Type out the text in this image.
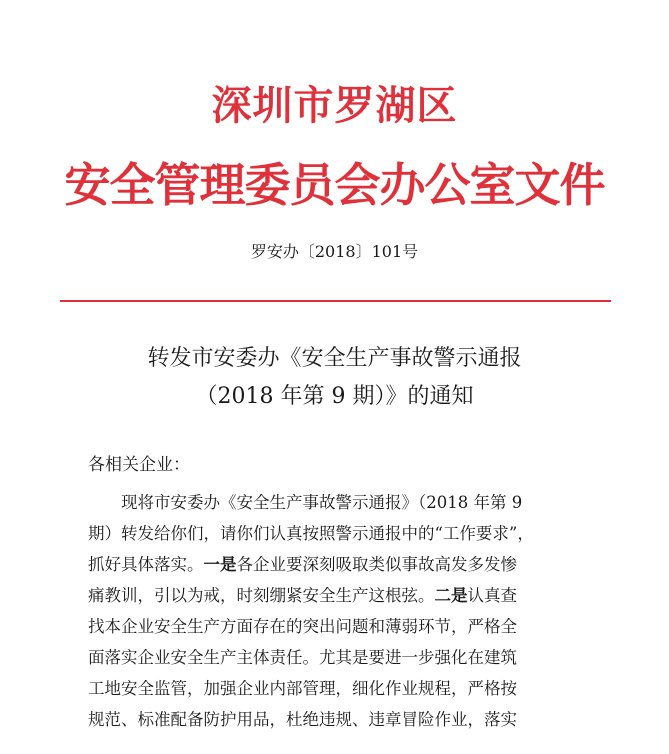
深圳市罗湖区
安全管理委员会办公室文件
罗安办〔2018〕101号
转发市安委办《安全生产事故警示通报
（2018 年第 9 期）》的通知
各相关企业：
现将市安委办《安全生产事故警示通报》（2018 年第 9
期）转发给你们，请你们认真按照警示通报中的“工作要求”，
抓好具体落实。一是各企业要深刻吸取类似事故高发多发惨
痛教训，引以为戒，时刻绷紧安全生产这根弦。二是认真查
找本企业安全生产方面存在的突出问题和薄弱环节，严格全
面落实企业安全生产主体责任。尤其是要进一步强化在建筑
工地安全监管，加强企业内部管理，细化作业规程，严格按
规范、标准配备防护用品，杜绝违规、违章冒险作业，落实
